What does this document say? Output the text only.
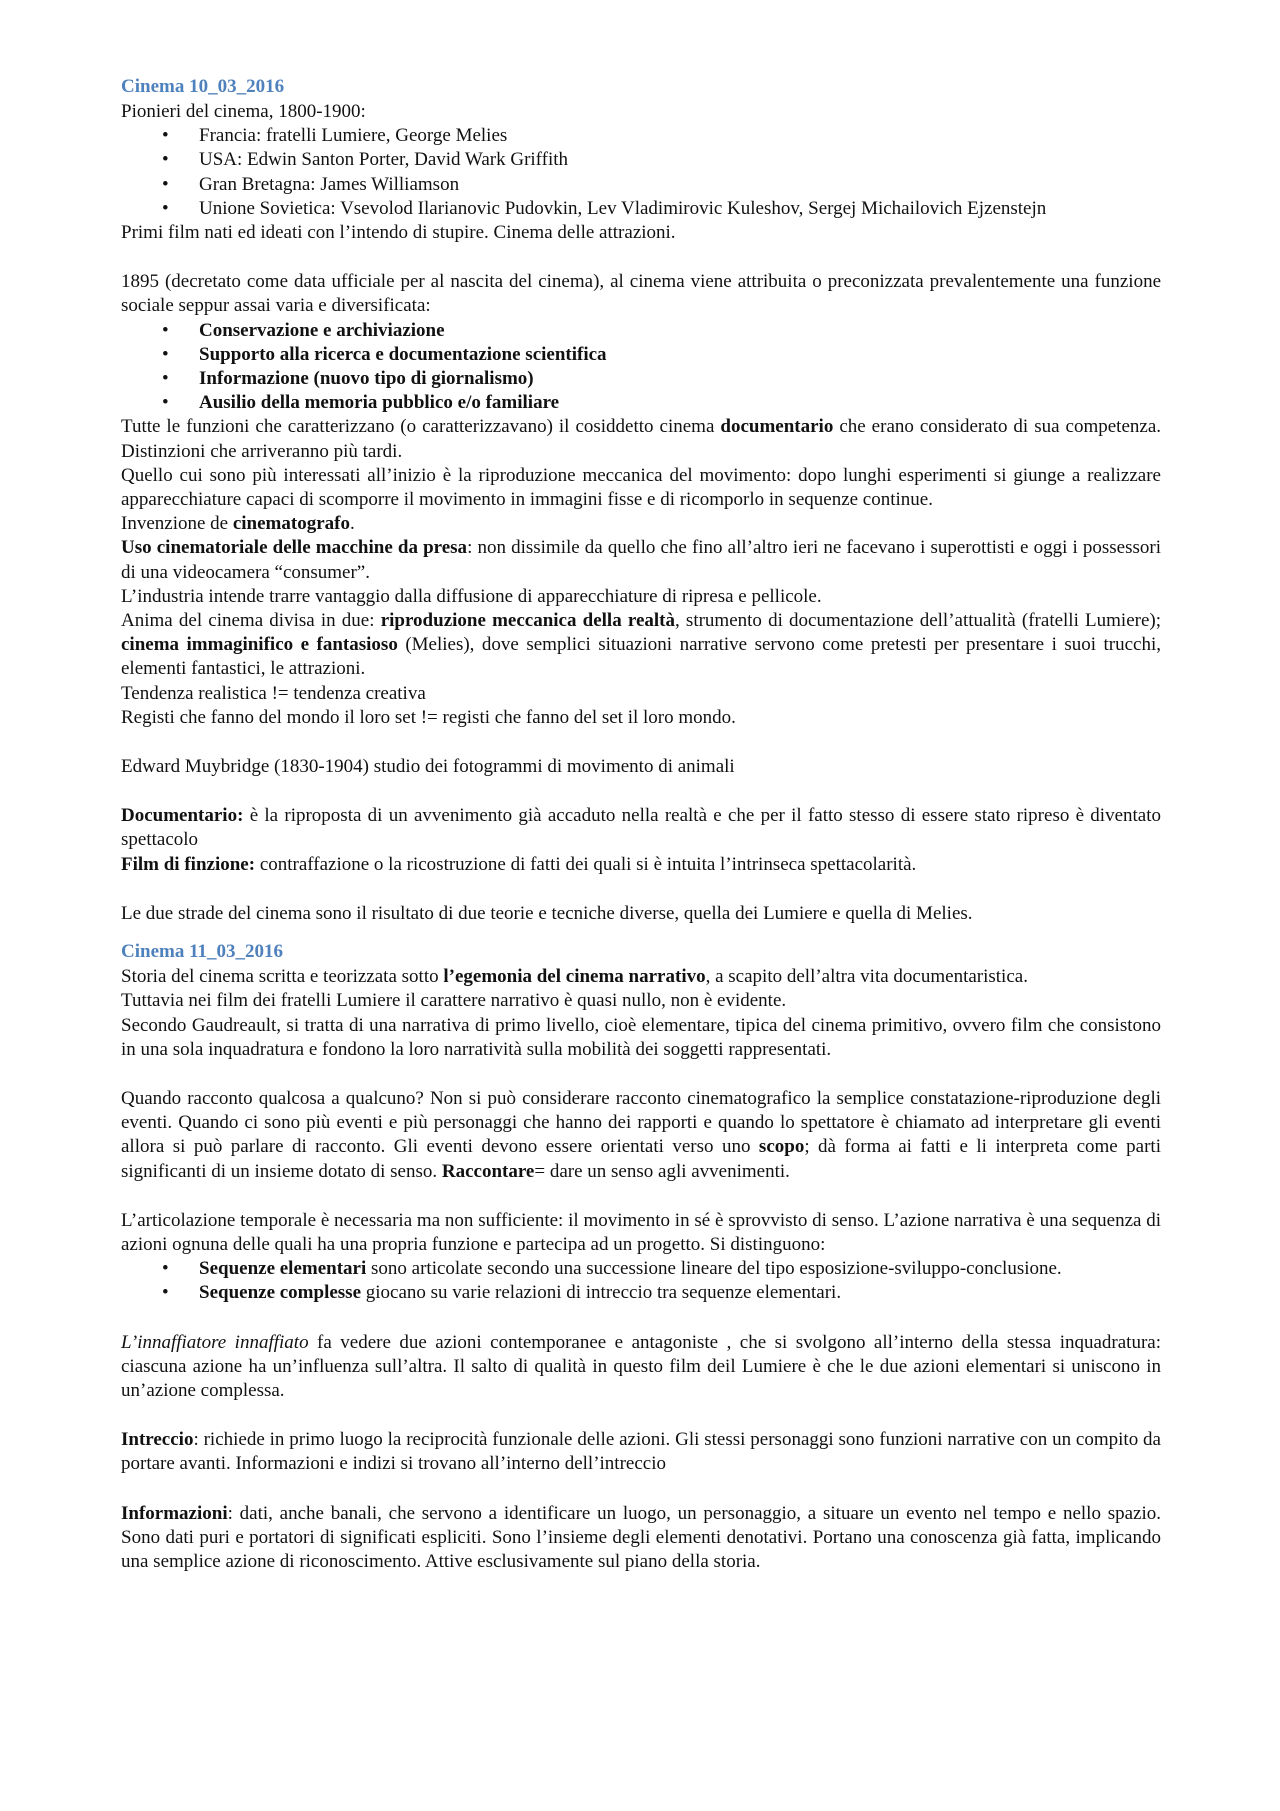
Cinema 10_03_2016

Pionieri del cinema, 1800-1900:

• Francia: fratelli Lumiere, George Melies
• USA: Edwin Santon Porter, David Wark Griffith
• Gran Bretagna: James Williamson
• Unione Sovietica: Vsevolod Ilarianovic Pudovkin, Lev Vladimirovic Kuleshov, Sergej Michailovich Ejzenstejn

Primi film nati ed ideati con l’intendo di stupire. Cinema delle attrazioni.

1895 (decretato come data ufficiale per al nascita del cinema), al cinema viene attribuita o preconizzata prevalentemente una funzione sociale seppur assai varia e diversificata:

• Conservazione e archiviazione
• Supporto alla ricerca e documentazione scientifica
• Informazione (nuovo tipo di giornalismo)
• Ausilio della memoria pubblico e/o familiare

Tutte le funzioni che caratterizzano (o caratterizzavano) il cosiddetto cinema documentario che erano considerato di sua competenza. Distinzioni che arriveranno più tardi.

Quello cui sono più interessati all’inizio è la riproduzione meccanica del movimento: dopo lunghi esperimenti si giunge a realizzare apparecchiature capaci di scomporre il movimento in immagini fisse e di ricomporlo in sequenze continue.

Invenzione de cinematografo.

Uso cinematoriale delle macchine da presa: non dissimile da quello che fino all’altro ieri ne facevano i superottisti e oggi i possessori di una videocamera “consumer”.

L’industria intende trarre vantaggio dalla diffusione di apparecchiature di ripresa e pellicole.

Anima del cinema divisa in due: riproduzione meccanica della realtà, strumento di documentazione dell’attualità (fratelli Lumiere); cinema immaginifico e fantasioso (Melies), dove semplici situazioni narrative servono come pretesti per presentare i suoi trucchi, elementi fantastici, le attrazioni.

Tendenza realistica != tendenza creativa

Registi che fanno del mondo il loro set != registi che fanno del set il loro mondo.

Edward Muybridge (1830-1904) studio dei fotogrammi di movimento di animali

Documentario: è la riproposta di un avvenimento già accaduto nella realtà e che per il fatto stesso di essere stato ripreso è diventato spettacolo

Film di finzione: contraffazione o la ricostruzione di fatti dei quali si è intuita l’intrinseca spettacolarità.

Le due strade del cinema sono il risultato di due teorie e tecniche diverse, quella dei Lumiere e quella di Melies.

Cinema 11_03_2016

Storia del cinema scritta e teorizzata sotto l’egemonia del cinema narrativo, a scapito dell’altra vita documentaristica.

Tuttavia nei film dei fratelli Lumiere il carattere narrativo è quasi nullo, non è evidente.

Secondo Gaudreault, si tratta di una narrativa di primo livello, cioè elementare, tipica del cinema primitivo, ovvero film che consistono in una sola inquadratura e fondono la loro narratività sulla mobilità dei soggetti rappresentati.

Quando racconto qualcosa a qualcuno? Non si può considerare racconto cinematografico la semplice constatazione-riproduzione degli eventi. Quando ci sono più eventi e più personaggi che hanno dei rapporti e quando lo spettatore è chiamato ad interpretare gli eventi allora si può parlare di racconto. Gli eventi devono essere orientati verso uno scopo; dà forma ai fatti e li interpreta come parti significanti di un insieme dotato di senso. Raccontare= dare un senso agli avvenimenti.

L’articolazione temporale è necessaria ma non sufficiente: il movimento in sé è sprovvisto di senso. L’azione narrativa è una sequenza di azioni ognuna delle quali ha una propria funzione e partecipa ad un progetto. Si distinguono:

• Sequenze elementari sono articolate secondo una successione lineare del tipo esposizione-sviluppo-conclusione.
• Sequenze complesse giocano su varie relazioni di intreccio tra sequenze elementari.

L’innaffiatore innaffiato fa vedere due azioni contemporanee e antagoniste , che si svolgono all’interno della stessa inquadratura: ciascuna azione ha un’influenza sull’altra. Il salto di qualità in questo film deil Lumiere è che le due azioni elementari si uniscono in un’azione complessa.

Intreccio: richiede in primo luogo la reciprocità funzionale delle azioni. Gli stessi personaggi sono funzioni narrative con un compito da portare avanti. Informazioni e indizi si trovano all’interno dell’intreccio

Informazioni: dati, anche banali, che servono a identificare un luogo, un personaggio, a situare un evento nel tempo e nello spazio. Sono dati puri e portatori di significati espliciti. Sono l’insieme degli elementi denotativi. Portano una conoscenza già fatta, implicando una semplice azione di riconoscimento. Attive esclusivamente sul piano della storia.
